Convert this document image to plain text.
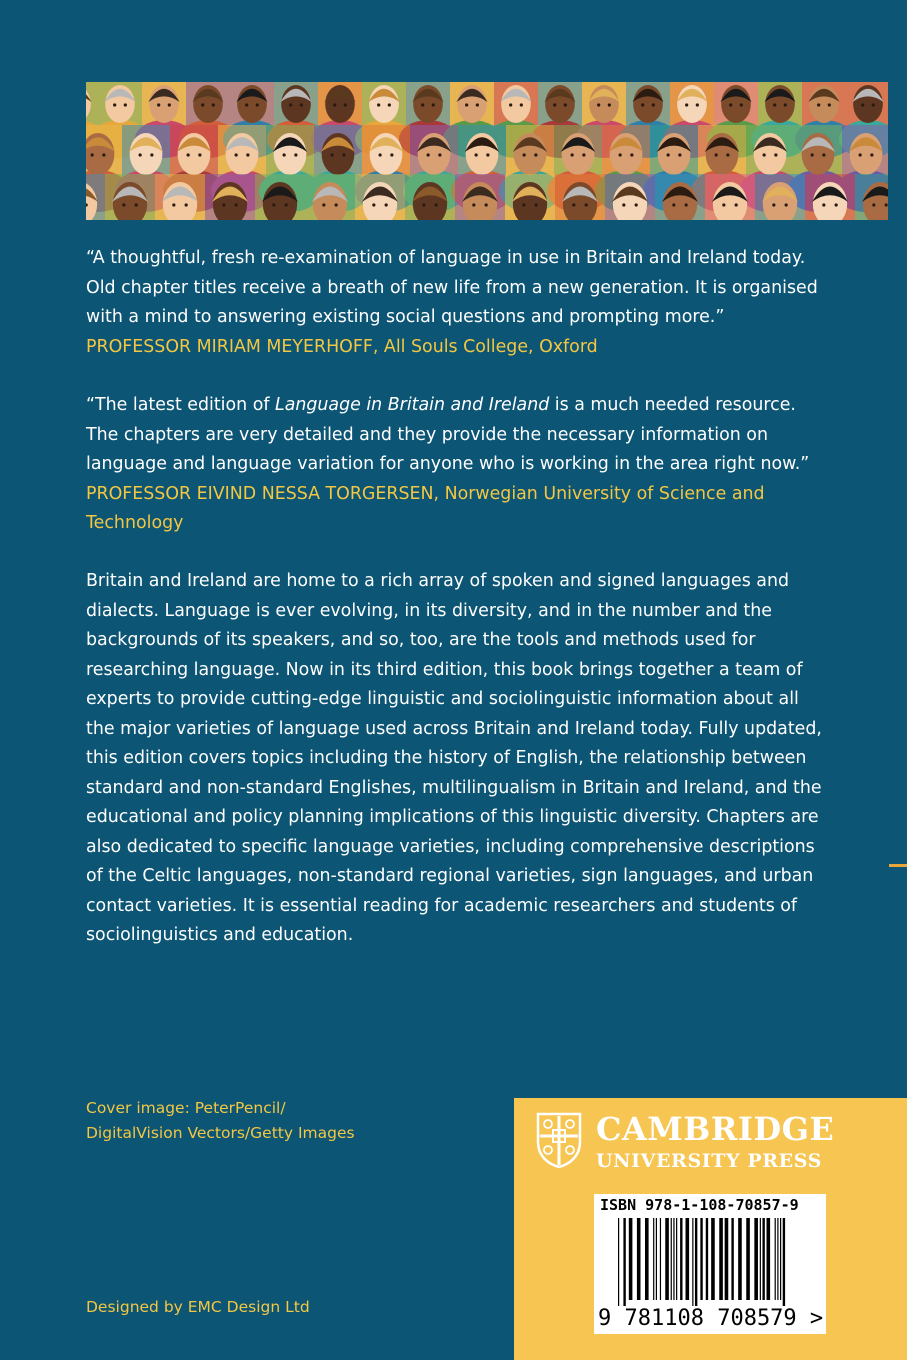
“A thoughtful, fresh re-examination of language in use in Britain and Ireland today. Old chapter titles receive a breath of new life from a new generation. It is organised with a mind to answering existing social questions and prompting more.”
PROFESSOR MIRIAM MEYERHOFF, All Souls College, Oxford
“The latest edition of Language in Britain and Ireland is a much needed resource. The chapters are very detailed and they provide the necessary information on language and language variation for anyone who is working in the area right now.”
PROFESSOR EIVIND NESSA TORGERSEN, Norwegian University of Science and Technology
Britain and Ireland are home to a rich array of spoken and signed languages and dialects. Language is ever evolving, in its diversity, and in the number and the backgrounds of its speakers, and so, too, are the tools and methods used for researching language. Now in its third edition, this book brings together a team of experts to provide cutting-edge linguistic and sociolinguistic information about all the major varieties of language used across Britain and Ireland today. Fully updated, this edition covers topics including the history of English, the relationship between standard and non-standard Englishes, multilingualism in Britain and Ireland, and the educational and policy planning implications of this linguistic diversity. Chapters are also dedicated to specific language varieties, including comprehensive descriptions of the Celtic languages, non-standard regional varieties, sign languages, and urban contact varieties. It is essential reading for academic researchers and students of sociolinguistics and education.
Cover image: PeterPencil/
DigitalVision Vectors/Getty Images
Designed by EMC Design Ltd
CAMBRIDGE
UNIVERSITY PRESS
ISBN 978-1-108-70857-9
9 781108 708579 >
